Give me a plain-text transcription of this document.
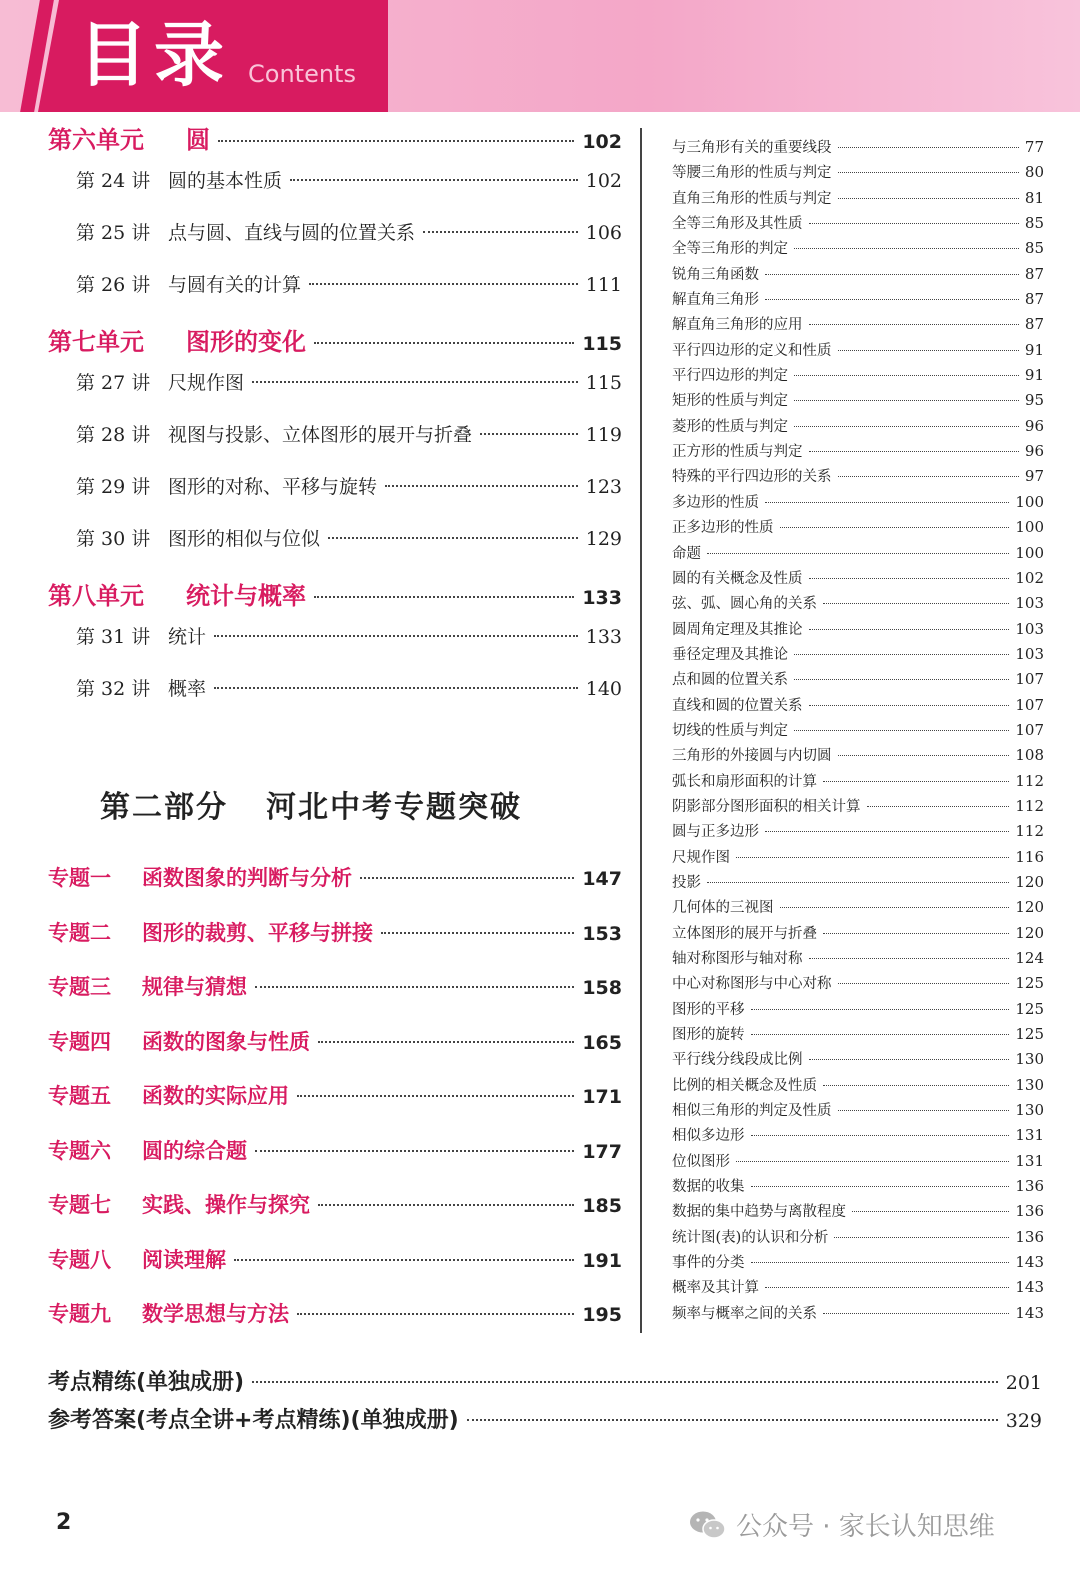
目录 Contents
第六单元 圆	102
第 24 讲 圆的基本性质	102
第 25 讲 点与圆、直线与圆的位置关系	106
第 26 讲 与圆有关的计算	111
第七单元 图形的变化	115
第 27 讲 尺规作图	115
第 28 讲 视图与投影、立体图形的展开与折叠	119
第 29 讲 图形的对称、平移与旋转	123
第 30 讲 图形的相似与位似	129
第八单元 统计与概率	133
第 31 讲 统计	133
第 32 讲 概率	140
第二部分 河北中考专题突破
专题一 函数图象的判断与分析	147
专题二 图形的裁剪、平移与拼接	153
专题三 规律与猜想	158
专题四 函数的图象与性质	165
专题五 函数的实际应用	171
专题六 圆的综合题	177
专题七 实践、操作与探究	185
专题八 阅读理解	191
专题九 数学思想与方法	195
与三角形有关的重要线段	77
等腰三角形的性质与判定	80
直角三角形的性质与判定	81
全等三角形及其性质	85
全等三角形的判定	85
锐角三角函数	87
解直角三角形	87
解直角三角形的应用	87
平行四边形的定义和性质	91
平行四边形的判定	91
矩形的性质与判定	95
菱形的性质与判定	96
正方形的性质与判定	96
特殊的平行四边形的关系	97
多边形的性质	100
正多边形的性质	100
命题	100
圆的有关概念及性质	102
弦、弧、圆心角的关系	103
圆周角定理及其推论	103
垂径定理及其推论	103
点和圆的位置关系	107
直线和圆的位置关系	107
切线的性质与判定	107
三角形的外接圆与内切圆	108
弧长和扇形面积的计算	112
阴影部分图形面积的相关计算	112
圆与正多边形	112
尺规作图	116
投影	120
几何体的三视图	120
立体图形的展开与折叠	120
轴对称图形与轴对称	124
中心对称图形与中心对称	125
图形的平移	125
图形的旋转	125
平行线分线段成比例	130
比例的相关概念及性质	130
相似三角形的判定及性质	130
相似多边形	131
位似图形	131
数据的收集	136
数据的集中趋势与离散程度	136
统计图(表)的认识和分析	136
事件的分类	143
概率及其计算	143
频率与概率之间的关系	143
考点精练(单独成册)	201
参考答案(考点全讲+考点精练)(单独成册)	329
2	公众号 · 家长认知思维
